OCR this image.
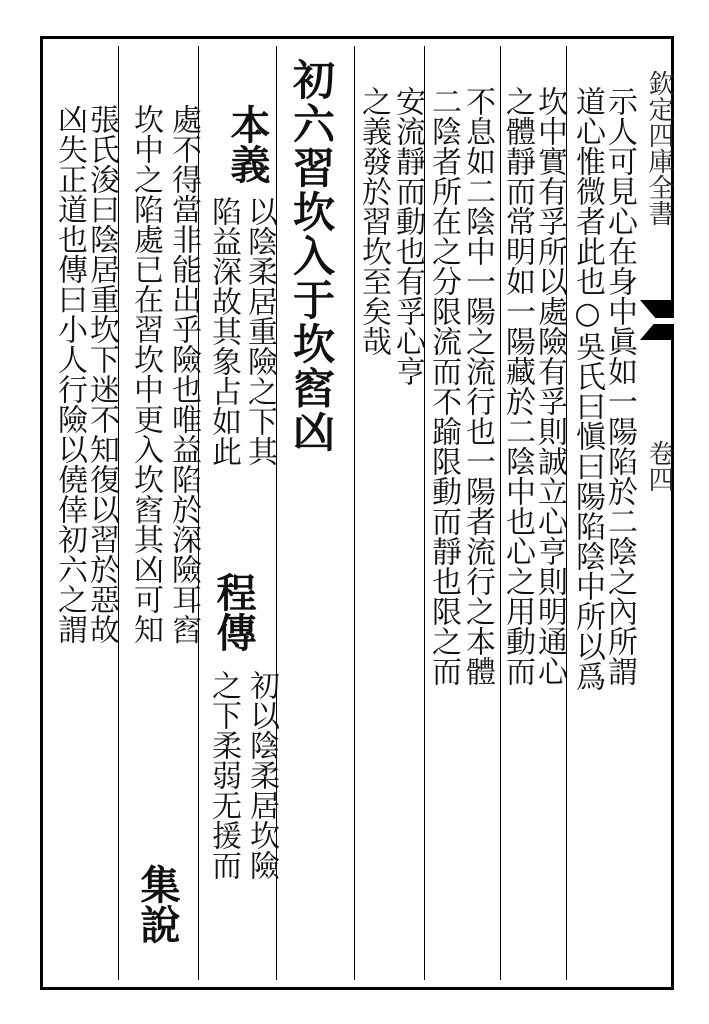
欽定四庫全書
卷四
示人可見心在身中眞如一陽陷於二陰之內所謂
道心惟微者此也○吳氏曰愼曰陽陷陰中所以爲
坎中實有孚所以處險有孚則誠立心亨則明通心
之體靜而常明如一陽藏於二陰中也心之用動而
不息如二陰中一陽之流行也一陽者流行之本體
二陰者所在之分限流而不踰限動而靜也限之而
安流靜而動也有孚心亨
之義發於習坎至矣哉
初六習坎入于坎窞凶
本義
以陰柔居重險之下其
陷益深故其象占如此
程傳
初以陰柔居坎險
之下柔弱无援而
處不得當非能出乎險也唯益陷於深險耳窞
坎中之陷處已在習坎中更入坎窞其凶可知
集說
張氏浚曰陰居重坎下迷不知復以習於惡故
凶失正道也傳曰小人行險以僥倖初六之謂
